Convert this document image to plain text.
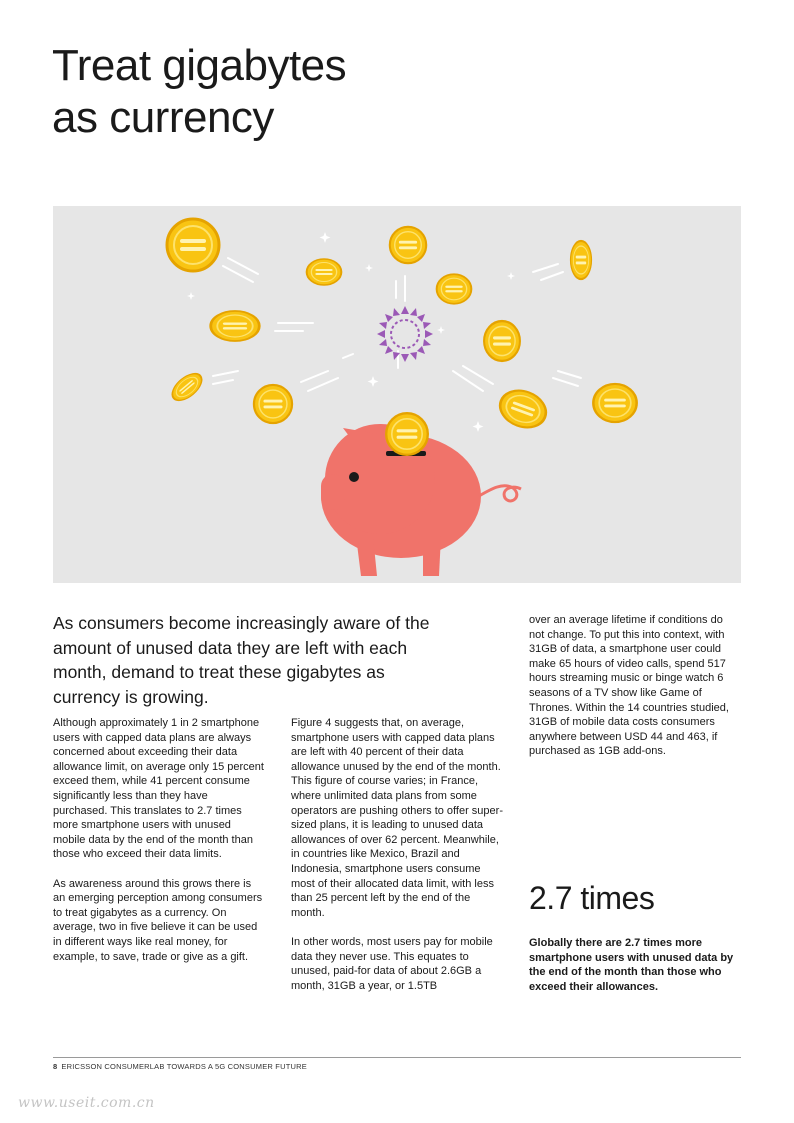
Treat gigabytes
as currency

As consumers become increasingly aware of the amount of unused data they are left with each month, demand to treat these gigabytes as currency is growing.

Although approximately 1 in 2 smartphone users with capped data plans are always concerned about exceeding their data allowance limit, on average only 15 percent exceed them, while 41 percent consume significantly less than they have purchased. This translates to 2.7 times more smartphone users with unused mobile data by the end of the month than those who exceed their data limits.

As awareness around this grows there is an emerging perception among consumers to treat gigabytes as a currency. On average, two in five believe it can be used in different ways like real money, for example, to save, trade or give as a gift.

Figure 4 suggests that, on average, smartphone users with capped data plans are left with 40 percent of their data allowance unused by the end of the month. This figure of course varies; in France, where unlimited data plans from some operators are pushing others to offer super-sized plans, it is leading to unused data allowances of over 62 percent. Meanwhile, in countries like Mexico, Brazil and Indonesia, smartphone users consume most of their allocated data limit, with less than 25 percent left by the end of the month.

In other words, most users pay for mobile data they never use. This equates to unused, paid-for data of about 2.6GB a month, 31GB a year, or 1.5TB

over an average lifetime if conditions do not change. To put this into context, with 31GB of data, a smartphone user could make 65 hours of video calls, spend 517 hours streaming music or binge watch 6 seasons of a TV show like Game of Thrones. Within the 14 countries studied, 31GB of mobile data costs consumers anywhere between USD 44 and 463, if purchased as 1GB add-ons.

2.7 times

Globally there are 2.7 times more smartphone users with unused data by the end of the month than those who exceed their allowances.

8 ERICSSON CONSUMERLAB TOWARDS A 5G CONSUMER FUTURE
www.useit.com.cn
